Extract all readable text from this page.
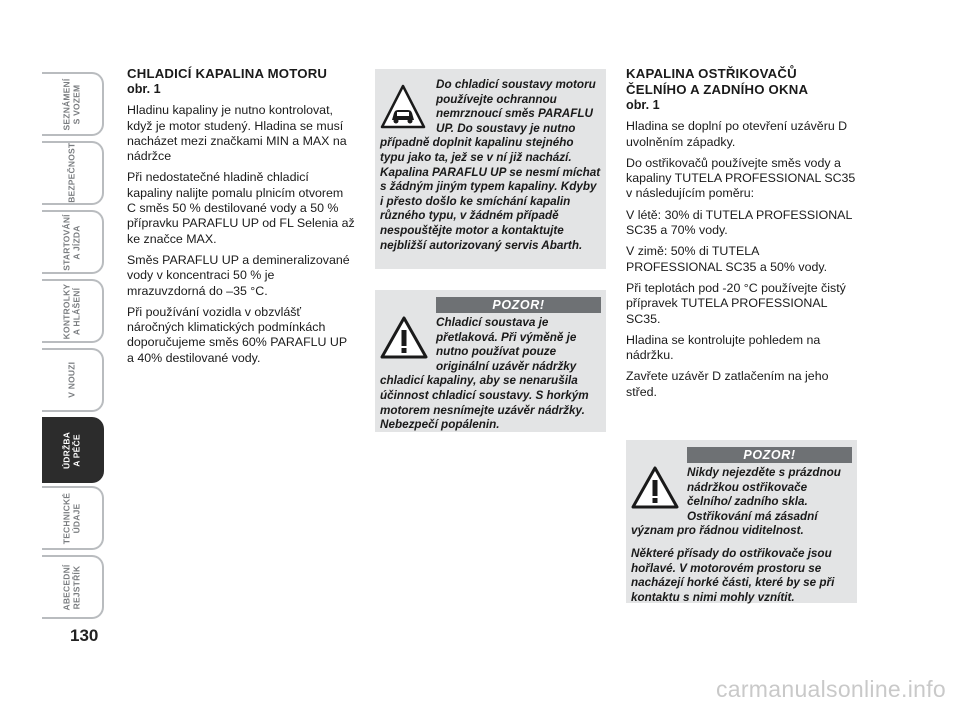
SEZNÁMENÍ
S VOZEM
BEZPEČNOST
STARTOVÁNÍ
A JÍZDA
KONTROLKY
A HLÁŠENÍ
V NOUZI
ÚDRŽBA
A PÉČE
TECHNICKÉ
ÚDAJE
ABECEDNÍ
REJSTŘÍK
130
CHLADICÍ KAPALINA MOTORU
obr. 1

Hladinu kapaliny je nutno kontrolovat, když je motor studený. Hladina se musí nacházet mezi značkami MIN a MAX na nádržce

Při nedostatečné hladině chladicí kapaliny nalijte pomalu plnicím otvorem C směs 50 % destilované vody a 50 % přípravku PARAFLU UP od FL Selenia až ke značce MAX.

Směs PARAFLU UP a demineralizované vody v koncentraci 50 % je mrazuvzdorná do –35 °C.

Při používání vozidla v obzvlášť náročných klimatických podmínkách doporučujeme směs 60% PARAFLU UP a 40% destilované vody.

Do chladicí soustavy motoru používejte ochrannou nemrznoucí směs PARAFLU UP. Do soustavy je nutno případně doplnit kapalinu stejného typu jako ta, jež se v ní již nachází. Kapalina PARAFLU UP se nesmí míchat s žádným jiným typem kapaliny. Kdyby i přesto došlo ke smíchání kapalin různého typu, v žádném případě nespouštějte motor a kontaktujte nejbližší autorizovaný servis Abarth.
POZOR!
Chladicí soustava je přetlaková. Při výměně je nutno používat pouze originální uzávěr nádržky chladicí kapaliny, aby se nenarušila účinnost chladicí soustavy. S horkým motorem nesnímejte uzávěr nádržky. Nebezpečí popálenin.
KAPALINA OSTŘIKOVAČŮ ČELNÍHO A ZADNÍHO OKNA
obr. 1

Hladina se doplní po otevření uzávěru D uvolněním západky.

Do ostřikovačů používejte směs vody a kapaliny TUTELA PROFESSIONAL SC35 v následujícím poměru:

V létě: 30% di TUTELA PROFESSIONAL SC35 a 70% vody.

V zimě: 50% di TUTELA PROFESSIONAL SC35 a 50% vody.

Při teplotách pod -20 °C používejte čistý přípravek TUTELA PROFESSIONAL SC35.

Hladina se kontrolujte pohledem na nádržku.

Zavřete uzávěr D zatlačením na jeho střed.

POZOR!

Nikdy nejezděte s prázdnou nádržkou ostřikovače čelního/ zadního skla. Ostřikování má zásadní význam pro řádnou viditelnost.

Některé přísady do ostřikovače jsou hořlavé. V motorovém prostoru se nacházejí horké části, které by se při kontaktu s nimi mohly vznítit.

carmanualsonline.info
